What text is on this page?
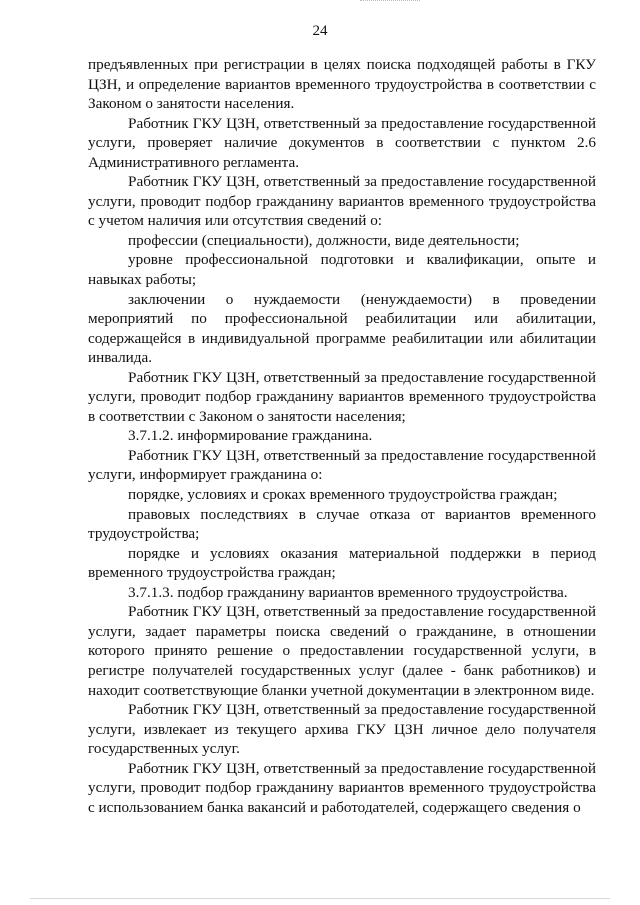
24

предъявленных при регистрации в целях поиска подходящей работы в ГКУ ЦЗН, и определение вариантов временного трудоустройства в соответствии с Законом о занятости населения.

Работник ГКУ ЦЗН, ответственный за предоставление государственной услуги, проверяет наличие документов в соответствии с пунктом 2.6 Административного регламента.

Работник ГКУ ЦЗН, ответственный за предоставление государственной услуги, проводит подбор гражданину вариантов временного трудоустройства с учетом наличия или отсутствия сведений о:

профессии (специальности), должности, виде деятельности;

уровне профессиональной подготовки и квалификации, опыте и навыках работы;

заключении о нуждаемости (ненуждаемости) в проведении мероприятий по профессиональной реабилитации или абилитации, содержащейся в индивидуальной программе реабилитации или абилитации инвалида.

Работник ГКУ ЦЗН, ответственный за предоставление государственной услуги, проводит подбор гражданину вариантов временного трудоустройства в соответствии с Законом о занятости населения;

3.7.1.2. информирование гражданина.

Работник ГКУ ЦЗН, ответственный за предоставление государственной услуги, информирует гражданина о:

порядке, условиях и сроках временного трудоустройства граждан;

правовых последствиях в случае отказа от вариантов временного трудоустройства;

порядке и условиях оказания материальной поддержки в период временного трудоустройства граждан;

3.7.1.3. подбор гражданину вариантов временного трудоустройства.

Работник ГКУ ЦЗН, ответственный за предоставление государственной услуги, задает параметры поиска сведений о гражданине, в отношении которого принято решение о предоставлении государственной услуги, в регистре получателей государственных услуг (далее - банк работников) и находит соответствующие бланки учетной документации в электронном виде.

Работник ГКУ ЦЗН, ответственный за предоставление государственной услуги, извлекает из текущего архива ГКУ ЦЗН личное дело получателя государственных услуг.

Работник ГКУ ЦЗН, ответственный за предоставление государственной услуги, проводит подбор гражданину вариантов временного трудоустройства с использованием банка вакансий и работодателей, содержащего сведения о
